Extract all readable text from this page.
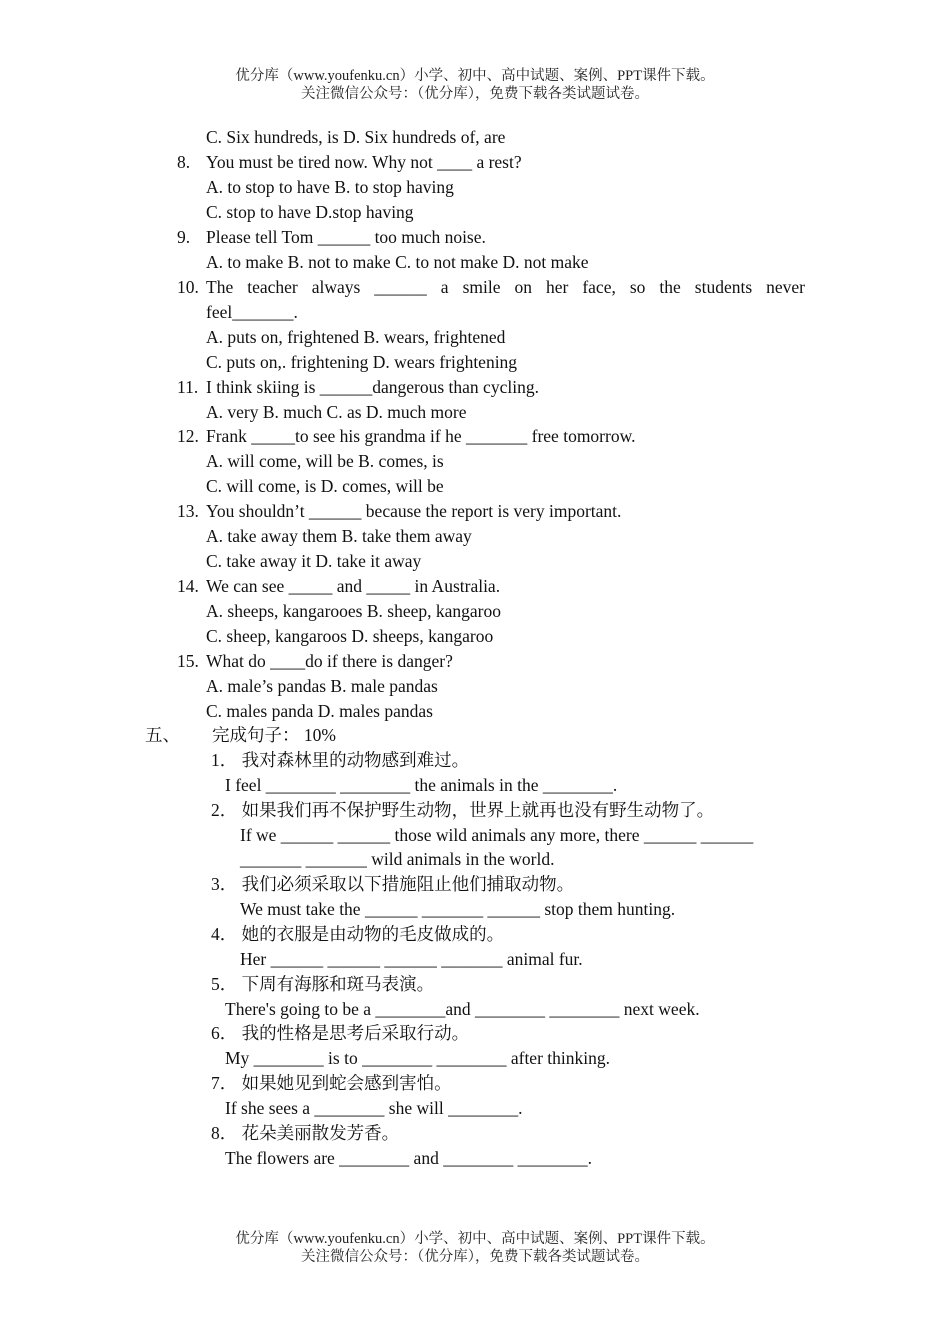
优分库（www.youfenku.cn）小学、初中、高中试题、案例、PPT课件下载。
关注微信公众号：（优分库），免费下载各类试题试卷。
C. Six hundreds, is D. Six hundreds of, are
8. You must be tired now. Why not ____ a rest?
A. to stop to have B. to stop having
C. stop to have D.stop having
9. Please tell Tom ______ too much noise.
A. to make B. not to make C. to not make D. not make
10. The teacher always ______ a smile on her face, so the students never
feel_______.
A. puts on, frightened B. wears, frightened
C. puts on,. frightening D. wears frightening
11. I think skiing is ______dangerous than cycling.
A. very B. much C. as D. much more
12. Frank _____to see his grandma if he _______ free tomorrow.
A. will come, will be B. comes, is
C. will come, is D. comes, will be
13. You shouldn’t ______ because the report is very important.
A. take away them B. take them away
C. take away it D. take it away
14. We can see _____ and _____ in Australia.
A. sheeps, kangarooes B. sheep, kangaroo
C. sheep, kangaroos D. sheeps, kangaroo
15. What do ____do if there is danger?
A. male’s pandas B. male pandas
C. males panda D. males pandas
五、 完成句子： 10%
1． 我对森林里的动物感到难过。
I feel ________ ________ the animals in the ________.
2． 如果我们再不保护野生动物，世界上就再也没有野生动物了。
If we ______ ______ those wild animals any more, there ______ ______
_______ _______ wild animals in the world.
3． 我们必须采取以下措施阻止他们捕取动物。
We must take the ______ _______ ______ stop them hunting.
4． 她的衣服是由动物的毛皮做成的。
Her ______ ______ ______ _______ animal fur.
5． 下周有海豚和斑马表演。
There's going to be a ________and ________ ________ next week.
6． 我的性格是思考后采取行动。
My ________ is to ________ ________ after thinking.
7． 如果她见到蛇会感到害怕。
If she sees a ________ she will ________.
8． 花朵美丽散发芳香。
The flowers are ________ and ________ ________.
优分库（www.youfenku.cn）小学、初中、高中试题、案例、PPT课件下载。
关注微信公众号：（优分库），免费下载各类试题试卷。
